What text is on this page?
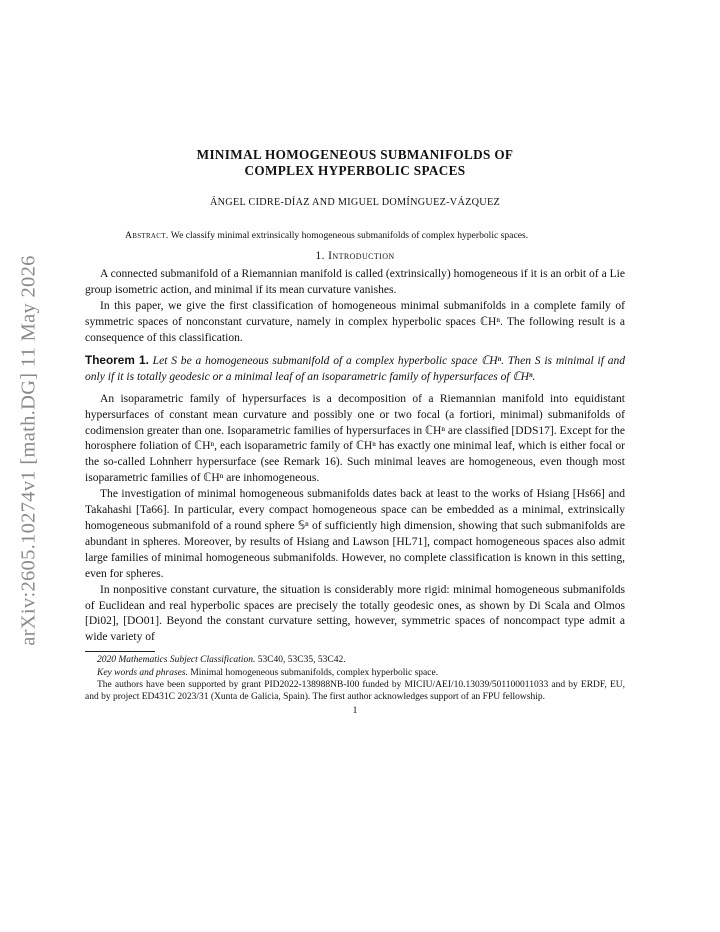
arXiv:2605.10274v1 [math.DG] 11 May 2026
MINIMAL HOMOGENEOUS SUBMANIFOLDS OF
COMPLEX HYPERBOLIC SPACES
ÁNGEL CIDRE-DÍAZ AND MIGUEL DOMÍNGUEZ-VÁZQUEZ
Abstract. We classify minimal extrinsically homogeneous submanifolds of complex hyperbolic spaces.
1. Introduction

A connected submanifold of a Riemannian manifold is called (extrinsically) homogeneous if it is an orbit of a Lie group isometric action, and minimal if its mean curvature vanishes.

In this paper, we give the first classification of homogeneous minimal submanifolds in a complete family of symmetric spaces of nonconstant curvature, namely in complex hyperbolic spaces ℂHⁿ. The following result is a consequence of this classification.

Theorem 1. Let S be a homogeneous submanifold of a complex hyperbolic space ℂHⁿ. Then S is minimal if and only if it is totally geodesic or a minimal leaf of an isoparametric family of hypersurfaces of ℂHⁿ.

An isoparametric family of hypersurfaces is a decomposition of a Riemannian manifold into equidistant hypersurfaces of constant mean curvature and possibly one or two focal (a fortiori, minimal) submanifolds of codimension greater than one. Isoparametric families of hypersurfaces in ℂHⁿ are classified [DDS17]. Except for the horosphere foliation of ℂHⁿ, each isoparametric family of ℂHⁿ has exactly one minimal leaf, which is either focal or the so-called Lohnherr hypersurface (see Remark 16). Such minimal leaves are homogeneous, even though most isoparametric families of ℂHⁿ are inhomogeneous.

The investigation of minimal homogeneous submanifolds dates back at least to the works of Hsiang [Hs66] and Takahashi [Ta66]. In particular, every compact homogeneous space can be embedded as a minimal, extrinsically homogeneous submanifold of a round sphere 𝕊ⁿ of sufficiently high dimension, showing that such submanifolds are abundant in spheres. Moreover, by results of Hsiang and Lawson [HL71], compact homogeneous spaces also admit large families of minimal homogeneous submanifolds. However, no complete classification is known in this setting, even for spheres.

In nonpositive constant curvature, the situation is considerably more rigid: minimal homogeneous submanifolds of Euclidean and real hyperbolic spaces are precisely the totally geodesic ones, as shown by Di Scala and Olmos [Di02], [DO01]. Beyond the constant curvature setting, however, symmetric spaces of noncompact type admit a wide variety of

2020 Mathematics Subject Classification. 53C40, 53C35, 53C42.

Key words and phrases. Minimal homogeneous submanifolds, complex hyperbolic space.

The authors have been supported by grant PID2022-138988NB-I00 funded by MICIU/AEI/10.13039/501100011033 and by ERDF, EU, and by project ED431C 2023/31 (Xunta de Galicia, Spain). The first author acknowledges support of an FPU fellowship.

1
